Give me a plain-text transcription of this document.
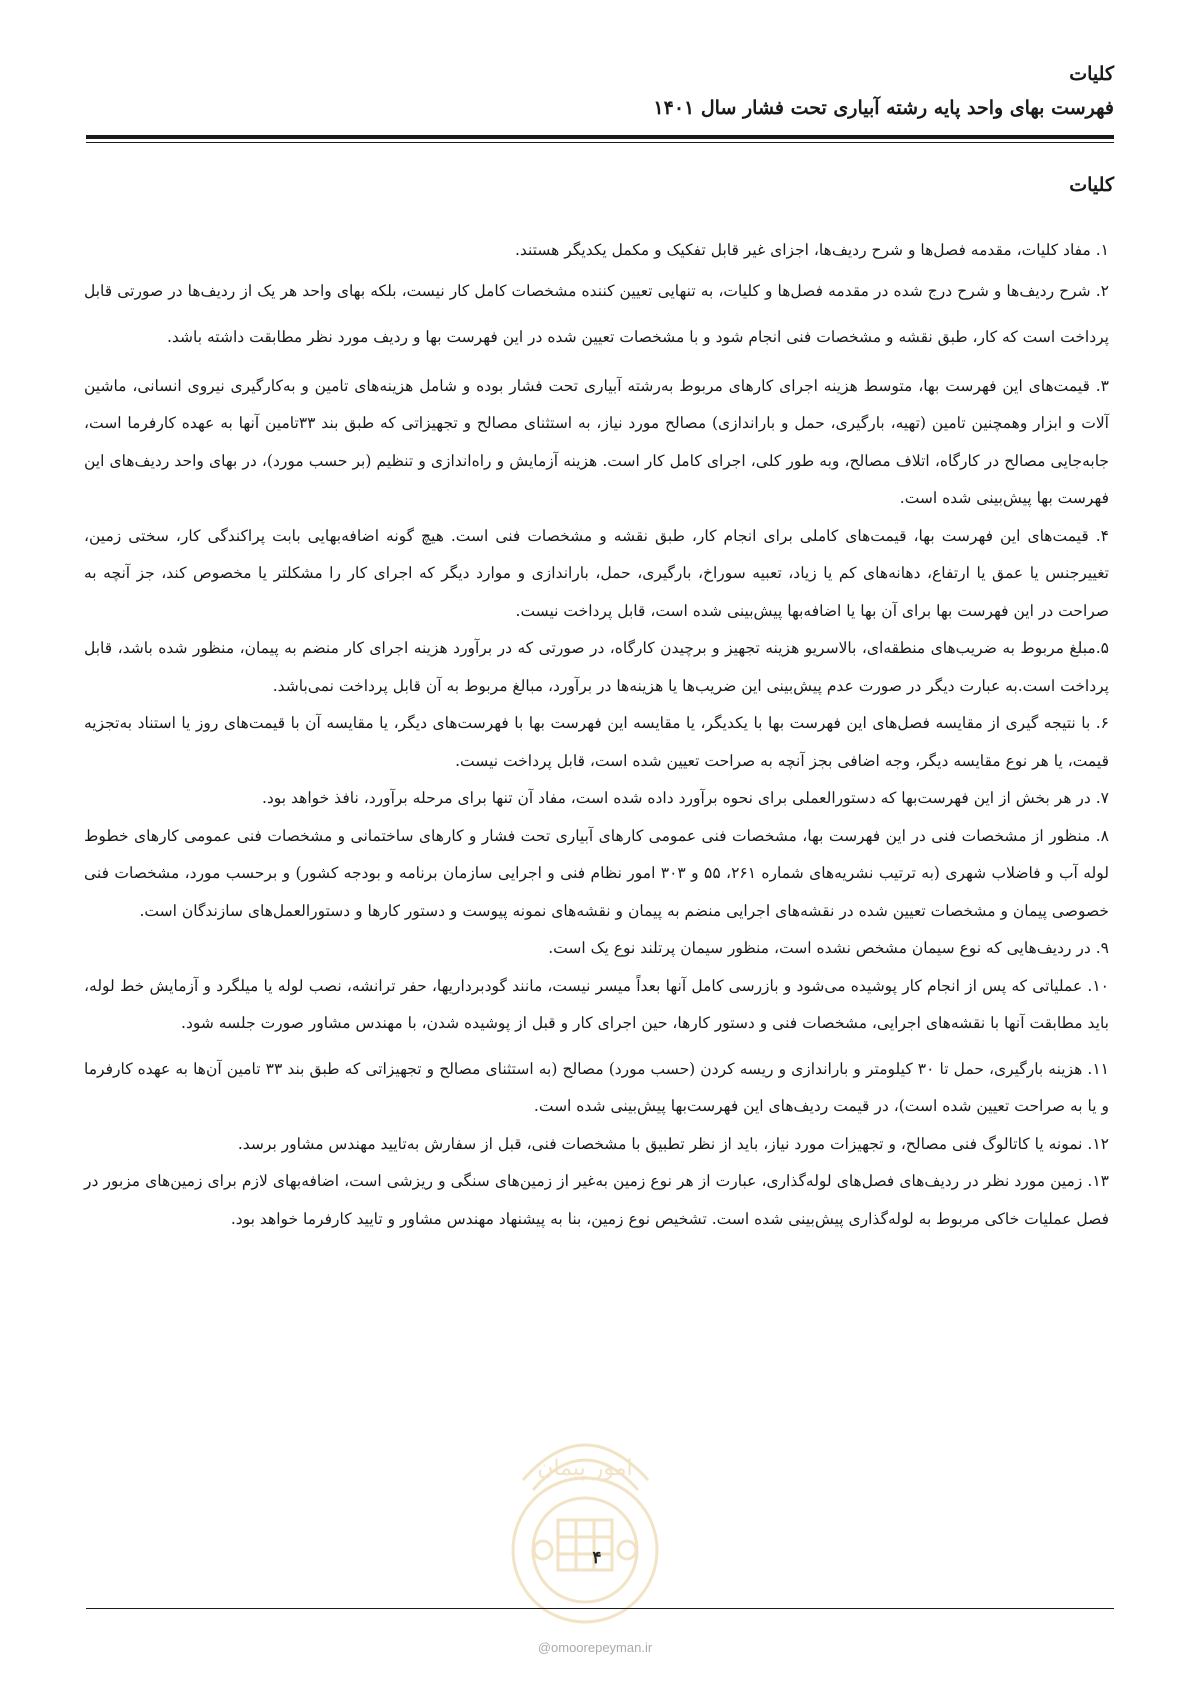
کلیات
فهرست بهای واحد پایه رشته آبیاری تحت فشار سال ۱۴۰۱
کلیات

۱. مفاد کلیات، مقدمه فصل‌ها و شرح ردیف‌ها، اجزای غیر قابل تفکیک و مکمل یکدیگر هستند.

۲. شرح ردیف‌ها و شرح درج شده در مقدمه فصل‌ها و کلیات، به تنهایی تعیین کننده مشخصات کامل کار نیست، بلکه بهای واحد هر یک از ردیف‌ها در صورتی قابل پرداخت است که کار، طبق نقشه و مشخصات فنی انجام شود و با مشخصات تعیین شده در این فهرست بها و ردیف مورد نظر مطابقت داشته باشد.

۳. قیمت‌های این فهرست بها، متوسط هزینه اجرای کارهای مربوط به‌رشته آبیاری تحت فشار بوده و شامل هزینه‌های تامین و به‌کارگیری نیروی انسانی، ماشین آلات و ابزار وهمچنین تامین (تهیه، بارگیری، حمل و باراندازی) مصالح مورد نیاز، به استثنای مصالح و تجهیزاتی که طبق بند ۳۳تامین آنها به عهده کارفرما است، جابه‌جایی مصالح در کارگاه، اتلاف مصالح، وبه طور کلی، اجرای کامل کار است. هزینه آزمایش و راه‌اندازی و تنظیم (بر حسب مورد)، در بهای واحد ردیف‌های این فهرست بها پیش‌بینی شده است.

۴. قیمت‌های این فهرست بها، قیمت‌های کاملی برای انجام کار، طبق نقشه و مشخصات فنی است. هیچ گونه اضافه‌بهایی بابت پراکندگی کار، سختی زمین، تغییرجنس یا عمق یا ارتفاع، دهانه‌های کم یا زیاد، تعبیه سوراخ، بارگیری، حمل، باراندازی و موارد دیگر که اجرای کار را مشکلتر یا مخصوص کند، جز آنچه به صراحت در این فهرست بها برای آن بها یا اضافه‌بها پیش‌بینی شده است، قابل پرداخت نیست.

۵.مبلغ مربوط به ضریب‌های منطقه‌ای، بالاسریو هزینه تجهیز و برچیدن کارگاه، در صورتی که در برآورد هزینه اجرای کار منضم به پیمان، منظور شده باشد، قابل پرداخت است.به عبارت دیگر در صورت عدم پیش‌بینی این ضریب‌ها یا هزینه‌ها در برآورد، مبالغ مربوط به آن قابل پرداخت نمی‌باشد.

۶. با نتیجه گیری از مقایسه فصل‌های این فهرست بها با یکدیگر، یا مقایسه این فهرست بها با فهرست‌های دیگر، یا مقایسه آن با قیمت‌های روز یا استناد به‌تجزیه قیمت، یا هر نوع مقایسه دیگر، وجه اضافی بجز آنچه به صراحت تعیین شده است، قابل پرداخت نیست.

۷. در هر بخش از این فهرست‌بها که دستورالعملی برای نحوه برآورد داده شده است، مفاد آن تنها برای مرحله برآورد، نافذ خواهد بود.

۸. منظور از مشخصات فنی در این فهرست بها، مشخصات فنی عمومی کارهای آبیاری تحت فشار و کارهای ساختمانی و مشخصات فنی عمومی کارهای خطوط لوله آب و فاضلاب شهری (به ترتیب نشریه‌های شماره ۲۶۱، ۵۵ و ۳۰۳ امور نظام فنی و اجرایی سازمان برنامه و بودجه کشور) و برحسب مورد، مشخصات فنی خصوصی پیمان و مشخصات تعیین شده در نقشه‌های اجرایی منضم به پیمان و نقشه‌های نمونه پیوست و دستور کارها و دستورالعمل‌های سازندگان است.

۹. در ردیف‌هایی که نوع سیمان مشخص نشده است، منظور سیمان پرتلند نوع یک است.

۱۰. عملیاتی که پس از انجام کار پوشیده می‌شود و بازرسی کامل آنها بعداً میسر نیست، مانند گودبرداریها، حفر ترانشه، نصب لوله یا میلگرد و آزمایش خط لوله، باید مطابقت آنها با نقشه‌های اجرایی، مشخصات فنی و دستور کارها، حین اجرای کار و قبل از پوشیده شدن، با مهندس مشاور صورت جلسه شود.

۱۱. هزینه بارگیری، حمل تا ۳۰ کیلومتر و باراندازی و ریسه کردن (حسب مورد) مصالح (به استثنای مصالح و تجهیزاتی که طبق بند ۳۳ تامین آن‌ها به عهده کارفرما و یا به صراحت تعیین شده است)، در قیمت ردیف‌های این فهرست‌بها پیش‌بینی شده است.

۱۲. نمونه یا کاتالوگ فنی مصالح، و تجهیزات مورد نیاز، باید از نظر تطبیق با مشخصات فنی، قبل از سفارش به‌تایید مهندس مشاور برسد.

۱۳. زمین مورد نظر در ردیف‌های فصل‌های لوله‌گذاری، عبارت از هر نوع زمین به‌غیر از زمین‌های سنگی و ریزشی است، اضافه‌بهای لازم برای زمین‌های مزبور در فصل عملیات خاکی مربوط به لوله‌گذاری پیش‌بینی شده است. تشخیص نوع زمین، بنا به پیشنهاد مهندس مشاور و تایید کارفرما خواهد بود.

امور پیمان
۴
@omoorepeyman.ir
